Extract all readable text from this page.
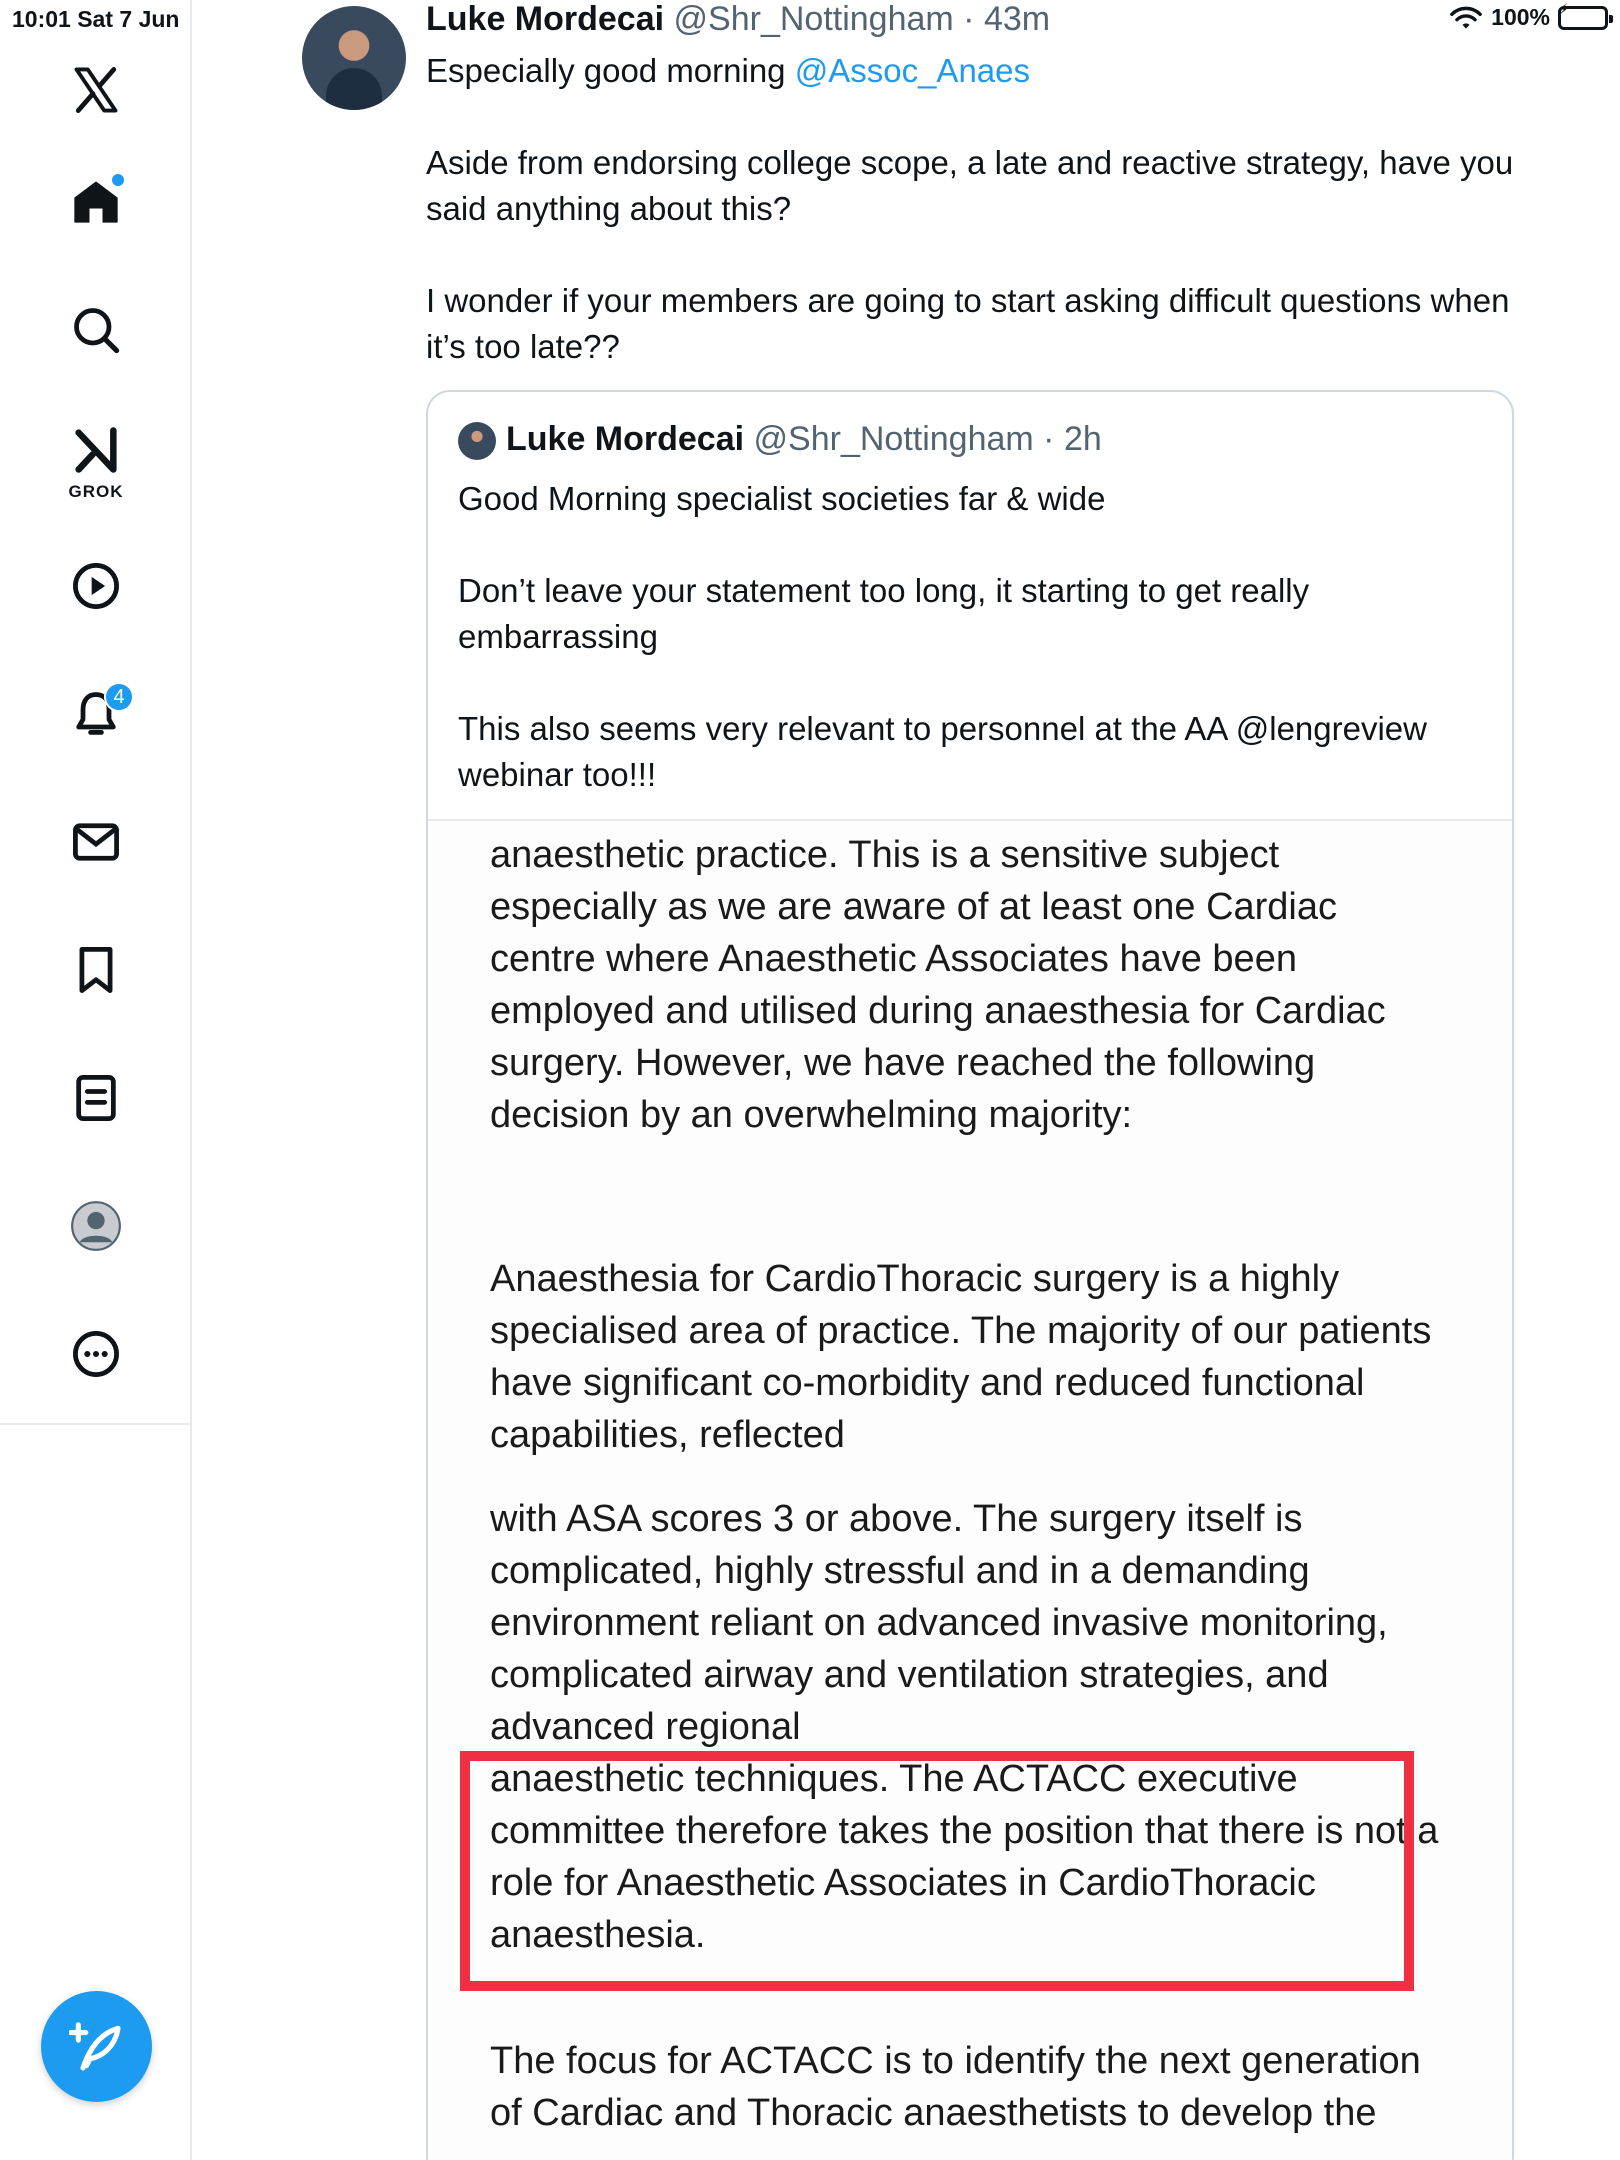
10:01 Sat 7 Jun	100% ⚡
GROK
4
Luke Mordecai @Shr_Nottingham · 43m
Especially good morning @Assoc_Anaes
Aside from endorsing college scope, a late and reactive strategy, have you said anything about this?
I wonder if your members are going to start asking difficult questions when it’s too late??
Luke Mordecai @Shr_Nottingham · 2h
Good Morning specialist societies far & wide
Don’t leave your statement too long, it starting to get really embarrassing
This also seems very relevant to personnel at the AA @lengreview webinar too!!!
anaesthetic practice. This is a sensitive subject especially as we are aware of at least one Cardiac centre where Anaesthetic Associates have been employed and utilised during anaesthesia for Cardiac surgery. However, we have reached the following decision by an overwhelming majority:
Anaesthesia for CardioThoracic surgery is a highly specialised area of practice. The majority of our patients have significant co-morbidity and reduced functional capabilities, reflected
with ASA scores 3 or above. The surgery itself is complicated, highly stressful and in a demanding environment reliant on advanced invasive monitoring, complicated airway and ventilation strategies, and advanced regional
anaesthetic techniques. The ACTACC executive committee therefore takes the position that there is not a role for Anaesthetic Associates in CardioThoracic anaesthesia.
The focus for ACTACC is to identify the next generation of Cardiac and Thoracic anaesthetists to develop the
